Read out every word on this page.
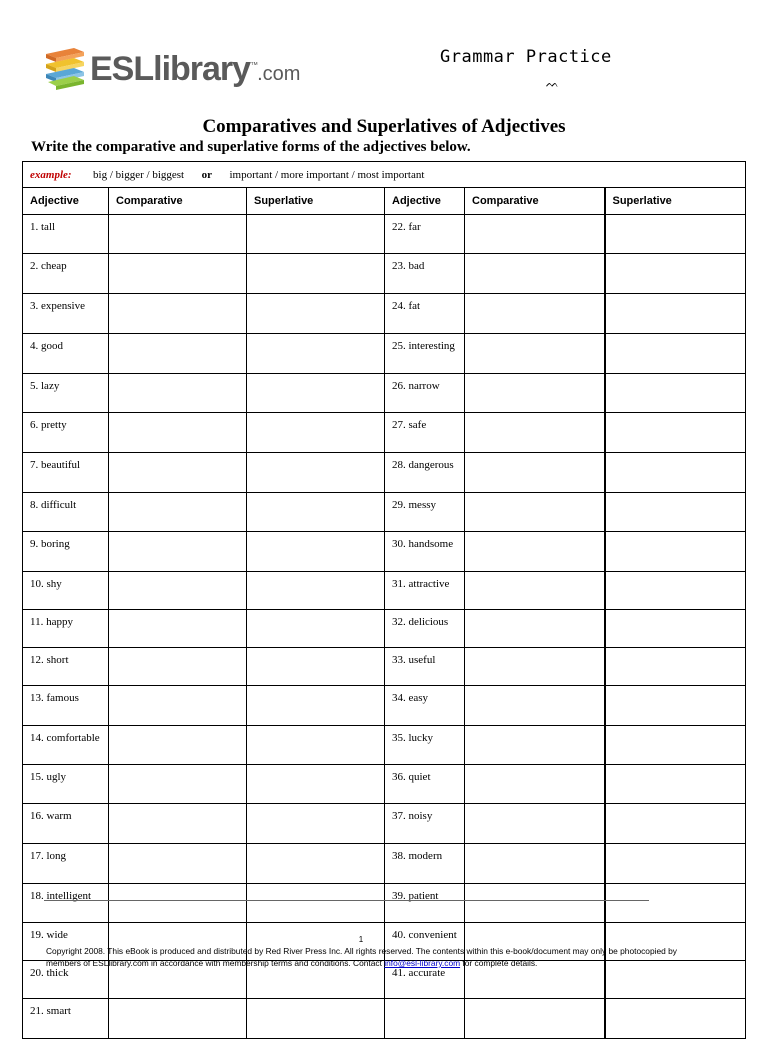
ESLlibrary™.com
Grammar Practice
ᨓ
Comparatives and Superlatives of Adjectives
Write the comparative and superlative forms of the adjectives below.
example: big / bigger / biggest or important / more important / most important					
Adjective	Comparative	Superlative	Adjective	Comparative	Superlative
1. tall			22. far		
2. cheap			23. bad		
3. expensive			24. fat		
4. good			25. interesting		
5. lazy			26. narrow		
6. pretty			27. safe		
7. beautiful			28. dangerous		
8. difficult			29. messy		
9. boring			30. handsome		
10. shy			31. attractive		
11. happy			32. delicious		
12. short			33. useful		
13. famous			34. easy		
14. comfortable			35. lucky		
15. ugly			36. quiet		
16. warm			37. noisy		
17. long			38. modern		
18. intelligent			39. patient		
19. wide			40. convenient		
20. thick			41. accurate		
21. smart					
1
Copyright 2008. This eBook is produced and distributed by Red River Press Inc. All rights reserved. The contents within this e-book/document may only be photocopied by members of ESLlibrary.com in accordance with membership terms and conditions. Contact info@esl-library.com for complete details.
